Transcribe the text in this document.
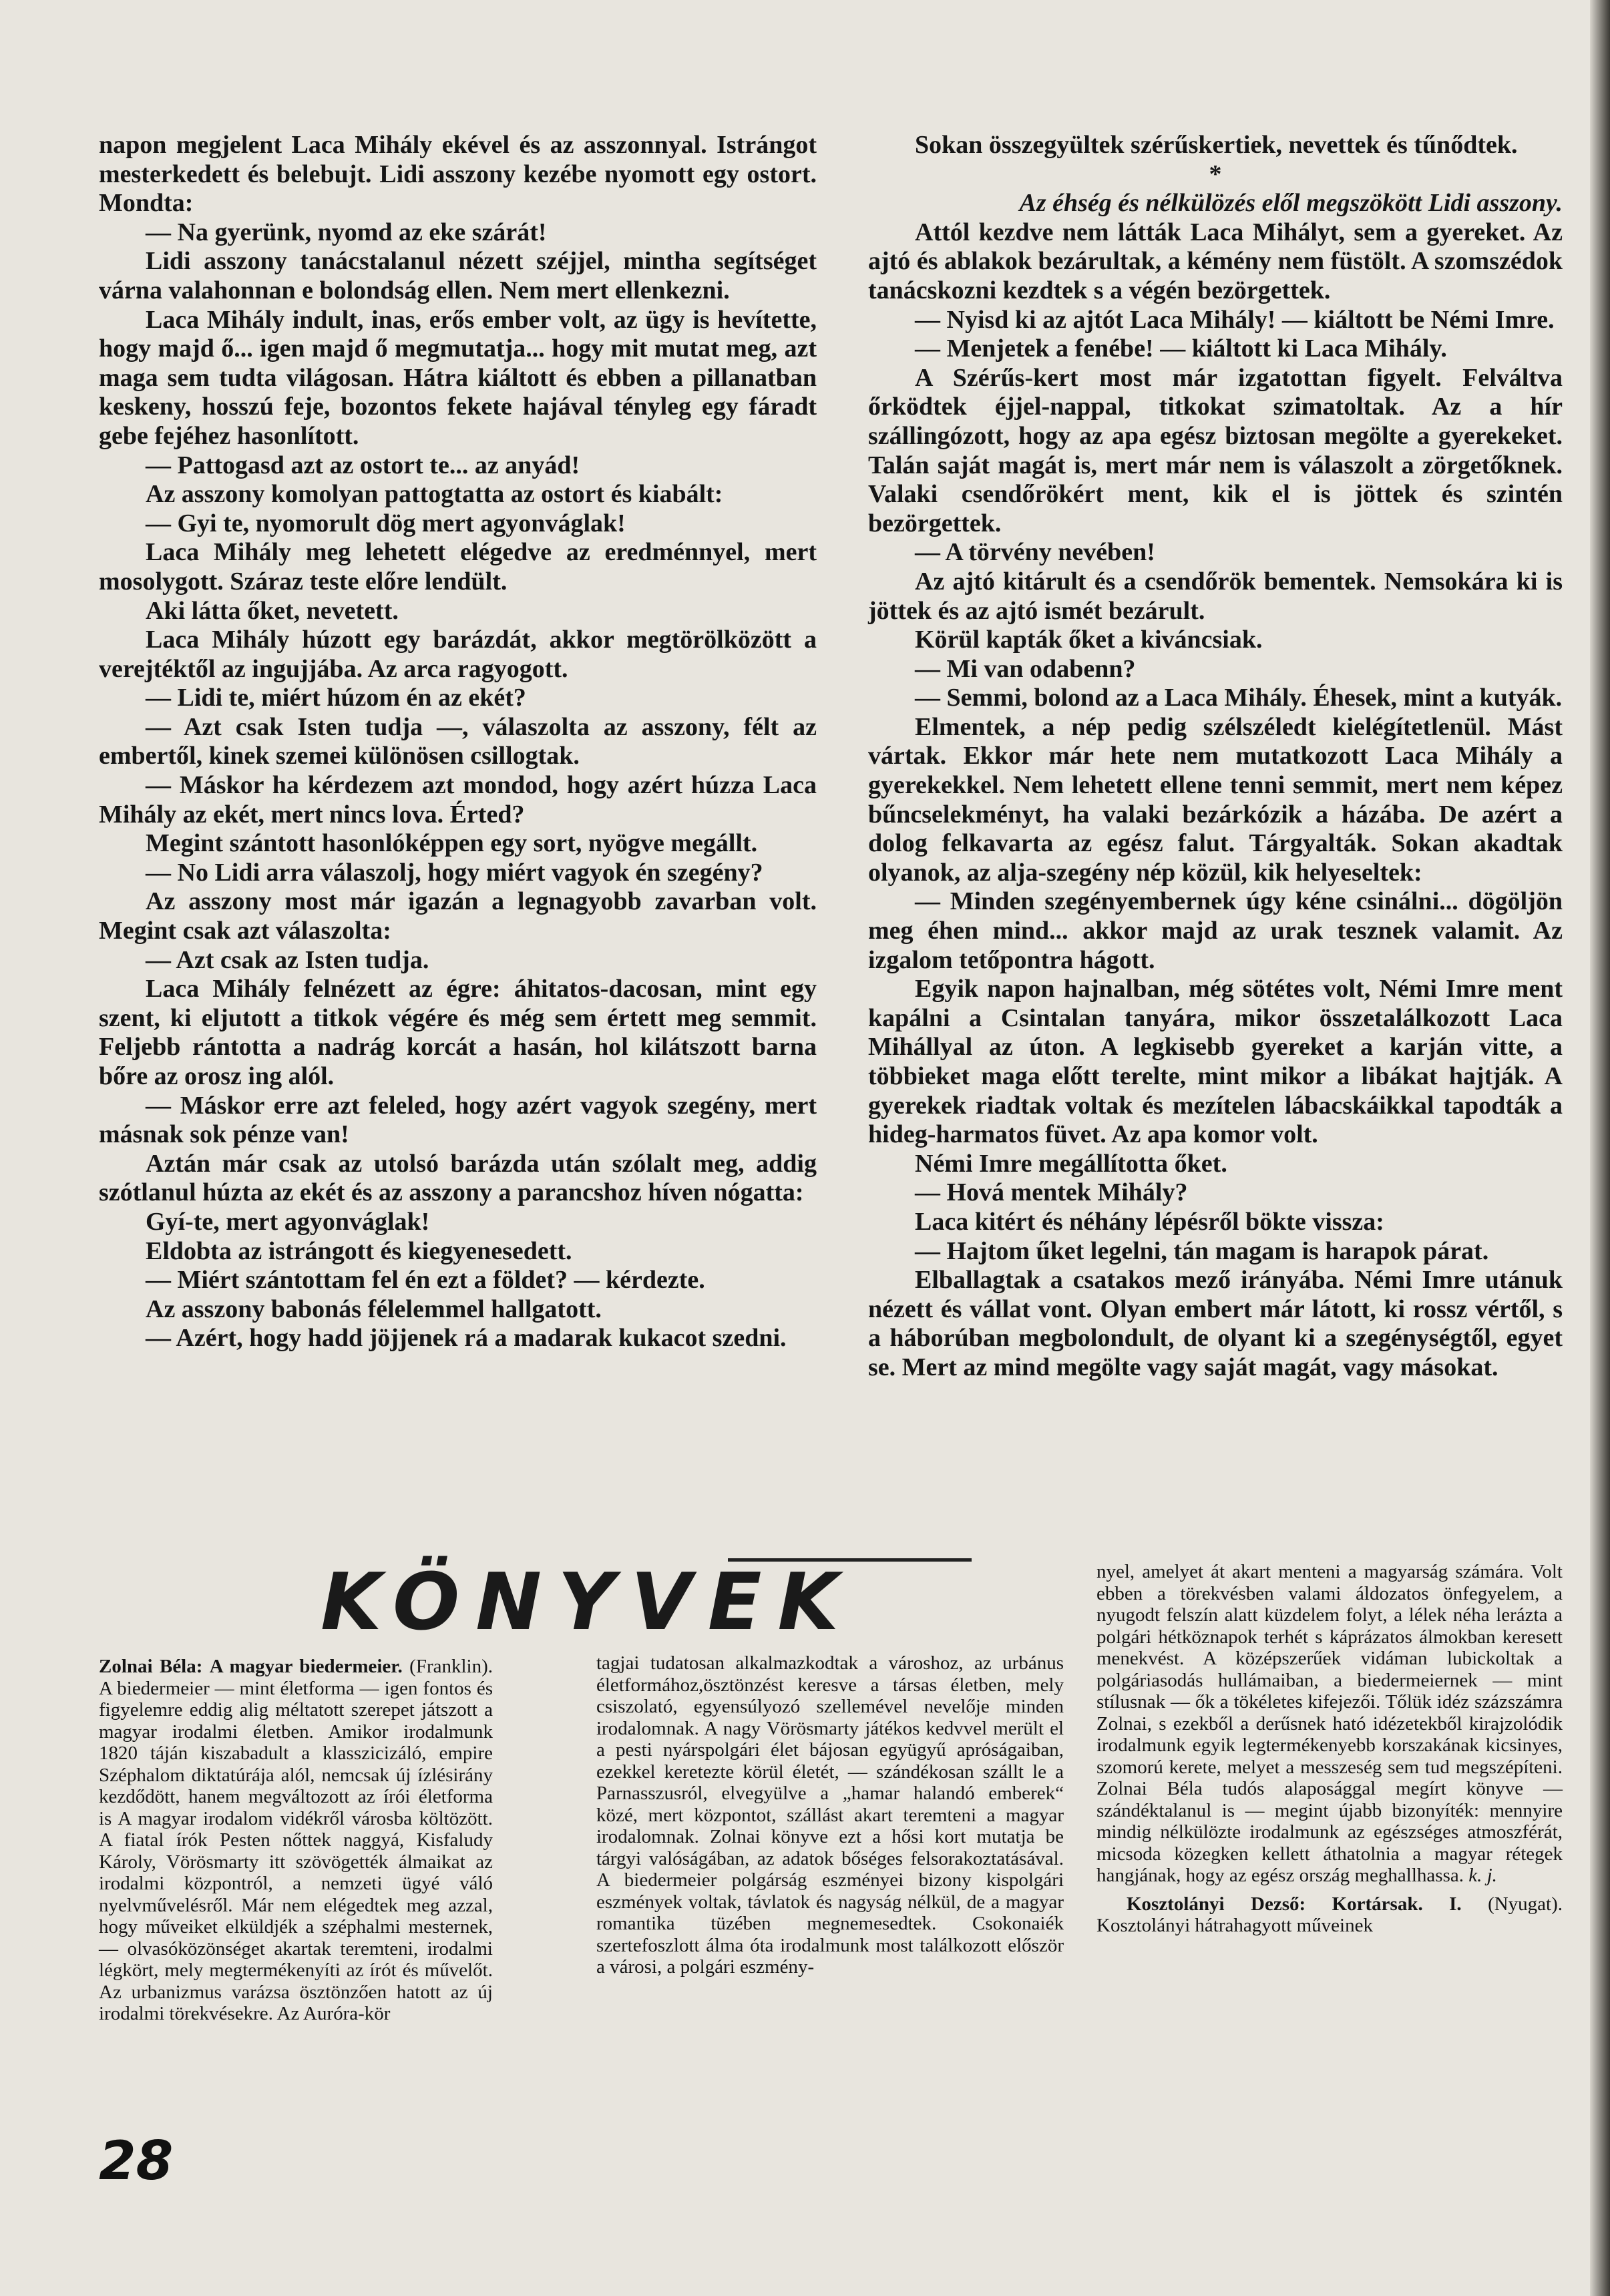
napon megjelent Laca Mihály ekével és az asszonnyal. Istrángot mesterkedett és belebujt. Lidi asszony kezébe nyomott egy ostort. Mondta:

— Na gyerünk, nyomd az eke szárát!

Lidi asszony tanácstalanul nézett széjjel, mintha segítséget várna valahonnan e bolondság ellen. Nem mert ellenkezni.

Laca Mihály indult, inas, erős ember volt, az ügy is hevítette, hogy majd ő... igen majd ő megmutatja... hogy mit mutat meg, azt maga sem tudta világosan. Hátra kiáltott és ebben a pillanatban keskeny, hosszú feje, bozontos fekete hajával tényleg egy fáradt gebe fejéhez hasonlított.

— Pattogasd azt az ostort te... az anyád!

Az asszony komolyan pattogtatta az ostort és kiabált:

— Gyi te, nyomorult dög mert agyonváglak!

Laca Mihály meg lehetett elégedve az eredménnyel, mert mosolygott. Száraz teste előre lendült.

Aki látta őket, nevetett.

Laca Mihály húzott egy barázdát, akkor megtörölközött a verejtéktől az ingujjába. Az arca ragyogott.

— Lidi te, miért húzom én az ekét?

— Azt csak Isten tudja —, válaszolta az asszony, félt az embertől, kinek szemei különösen csillogtak.

— Máskor ha kérdezem azt mondod, hogy azért húzza Laca Mihály az ekét, mert nincs lova. Érted?

Megint szántott hasonlóképpen egy sort, nyögve megállt.

— No Lidi arra válaszolj, hogy miért vagyok én szegény?

Az asszony most már igazán a legnagyobb zavarban volt. Megint csak azt válaszolta:

— Azt csak az Isten tudja.

Laca Mihály felnézett az égre: áhitatos-dacosan, mint egy szent, ki eljutott a titkok végére és még sem értett meg semmit. Feljebb rántotta a nadrág korcát a hasán, hol kilátszott barna bőre az orosz ing alól.

— Máskor erre azt feleled, hogy azért vagyok szegény, mert másnak sok pénze van!

Aztán már csak az utolsó barázda után szólalt meg, addig szótlanul húzta az ekét és az asszony a parancshoz híven nógatta:

Gyí-te, mert agyonváglak!

Eldobta az istrángott és kiegyenesedett.

— Miért szántottam fel én ezt a földet? — kérdezte.

Az asszony babonás félelemmel hallgatott.

— Azért, hogy hadd jöjjenek rá a madarak kukacot szedni.

Sokan összegyültek szérűskertiek, nevettek és tűnődtek.

*

Az éhség és nélkülözés elől megszökött Lidi asszony.

Attól kezdve nem látták Laca Mihályt, sem a gyereket. Az ajtó és ablakok bezárultak, a kémény nem füstölt. A szomszédok tanácskozni kezdtek s a végén bezörgettek.

— Nyisd ki az ajtót Laca Mihály! — kiáltott be Némi Imre.

— Menjetek a fenébe! — kiáltott ki Laca Mihály.

A Szérűs-kert most már izgatottan figyelt. Felváltva őrködtek éjjel-nappal, titkokat szimatoltak. Az a hír szállingózott, hogy az apa egész biztosan megölte a gyerekeket. Talán saját magát is, mert már nem is válaszolt a zörgetőknek. Valaki csendőrökért ment, kik el is jöttek és szintén bezörgettek.

— A törvény nevében!

Az ajtó kitárult és a csendőrök bementek. Nemsokára ki is jöttek és az ajtó ismét bezárult.

Körül kapták őket a kiváncsiak.

— Mi van odabenn?

— Semmi, bolond az a Laca Mihály. Éhesek, mint a kutyák.

Elmentek, a nép pedig szélszéledt kielégítetlenül. Mást vártak. Ekkor már hete nem mutatkozott Laca Mihály a gyerekekkel. Nem lehetett ellene tenni semmit, mert nem képez bűncselekményt, ha valaki bezárkózik a házába. De azért a dolog felkavarta az egész falut. Tárgyalták. Sokan akadtak olyanok, az alja-szegény nép közül, kik helyeseltek:

— Minden szegényembernek úgy kéne csinálni... dögöljön meg éhen mind... akkor majd az urak tesznek valamit. Az izgalom tetőpontra hágott.

Egyik napon hajnalban, még sötétes volt, Némi Imre ment kapálni a Csintalan tanyára, mikor összetalálkozott Laca Mihállyal az úton. A legkisebb gyereket a karján vitte, a többieket maga előtt terelte, mint mikor a libákat hajtják. A gyerekek riadtak voltak és mezítelen lábacskáikkal tapodták a hideg-harmatos füvet. Az apa komor volt.

Némi Imre megállította őket.

— Hová mentek Mihály?

Laca kitért és néhány lépésről bökte vissza:

— Hajtom űket legelni, tán magam is harapok párat.

Elballagtak a csatakos mező irányába. Némi Imre utánuk nézett és vállat vont. Olyan embert már látott, ki rossz vértől, s a háborúban megbolondult, de olyant ki a szegénységtől, egyet se. Mert az mind megölte vagy saját magát, vagy másokat.

KÖNYVEK

Zolnai Béla: A magyar biedermeier. (Franklin). A biedermeier — mint életforma — igen fontos és figyelemre eddig alig méltatott szerepet játszott a magyar irodalmi életben. Amikor irodalmunk 1820 táján kiszabadult a klasszicizáló, empire Széphalom diktatúrája alól, nemcsak új ízlésirány kezdődött, hanem megváltozott az írói életforma is A magyar irodalom vidékről városba költözött. A fiatal írók Pesten nőttek naggyá, Kisfaludy Károly, Vörösmarty itt szövögették álmaikat az irodalmi központról, a nemzeti ügyé váló nyelvművelésről. Már nem elégedtek meg azzal, hogy műveiket elküldjék a széphalmi mesternek, — olvasóközönséget akartak teremteni, irodalmi légkört, mely megtermékenyíti az írót és művelőt. Az urbanizmus varázsa ösztönzően hatott az új irodalmi törekvésekre. Az Auróra-kör

tagjai tudatosan alkalmazkodtak a városhoz, az urbánus életformához,ösztönzést keresve a társas életben, mely csiszolató, egyensúlyozó szellemével nevelője minden irodalomnak. A nagy Vörösmarty játékos kedvvel merült el a pesti nyárspolgári élet bájosan együgyű apróságaiban, ezekkel keretezte körül életét, — szándékosan szállt le a Parnasszusról, elvegyülve a „hamar halandó emberek“ közé, mert központot, szállást akart teremteni a magyar irodalomnak. Zolnai könyve ezt a hősi kort mutatja be tárgyi valóságában, az adatok bőséges felsorakoztatásával. A biedermeier polgárság eszményei bizony kispolgári eszmények voltak, távlatok és nagyság nélkül, de a magyar romantika tüzében megnemesedtek. Csokonaiék szertefoszlott álma óta irodalmunk most találkozott először a városi, a polgári eszmény-

nyel, amelyet át akart menteni a magyarság számára. Volt ebben a törekvésben valami áldozatos önfegyelem, a nyugodt felszín alatt küzdelem folyt, a lélek néha lerázta a polgári hétköznapok terhét s káprázatos álmokban keresett menekvést. A középszerűek vidáman lubickoltak a polgáriasodás hullámaiban, a biedermeiernek — mint stílusnak — ők a tökéletes kifejezői. Tőlük idéz százszámra Zolnai, s ezekből a derűsnek ható idézetekből kirajzolódik irodalmunk egyik legtermékenyebb korszakának kicsinyes, szomorú kerete, melyet a messzeség sem tud megszépíteni. Zolnai Béla tudós alaposággal megírt könyve — szándéktalanul is — megint újabb bizonyíték: mennyire mindig nélkülözte irodalmunk az egészséges atmoszférát, micsoda közegken kellett áthatolnia a magyar rétegek hangjának, hogy az egész ország meghallhassa. k. j.

Kosztolányi Dezső: Kortársak. I. (Nyugat). Kosztolányi hátrahagyott műveinek

28
